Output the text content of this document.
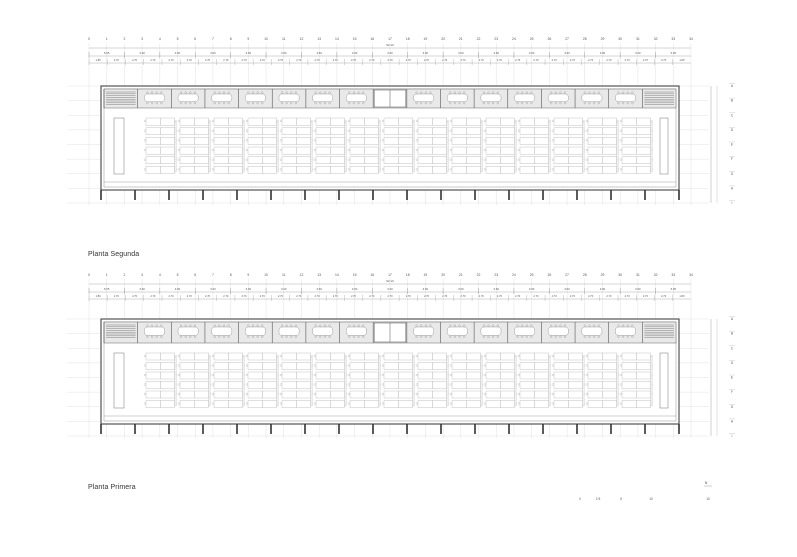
0	1	2	3	4	5	6	7	8	9	10	11	12	13	14	15	16	17	18	19	20	21	22	23	24	25	26	27	28	29	30	31	32	33	34
92.10
5.05	3.60	3.60	3.60	3.60	3.60	3.60	3.60	3.60	3.60	3.60	3.60	3.60	3.60	3.60	3.60	5.05
1.80	2.70	2.70	2.70	2.70	2.70	2.70	2.70	2.70	2.70	2.70	2.70	2.70	2.70	2.70	2.70	2.70	2.70	2.70	2.70	2.70	2.70	2.70	2.70	2.70	2.70	2.70	2.70	2.70	2.70	2.70	2.70	1.80
A
B
C
D
E
F
G
H
I
0	1	2	3	4	5	6	7	8	9	10	11	12	13	14	15	16	17	18	19	20	21	22	23	24	25	26	27	28	29	30	31	32	33	34
92.10
5.05	3.60	3.60	3.60	3.60	3.60	3.60	3.60	3.60	3.60	3.60	3.60	3.60	3.60	3.60	3.60	5.05
1.80	2.70	2.70	2.70	2.70	2.70	2.70	2.70	2.70	2.70	2.70	2.70	2.70	2.70	2.70	2.70	2.70	2.70	2.70	2.70	2.70	2.70	2.70	2.70	2.70	2.70	2.70	2.70	2.70	2.70	2.70	2.70	1.80
A
B
C
D
E
F
G
H
I
0	2.5	5	10	10
N
Planta Segunda
Planta Primera
